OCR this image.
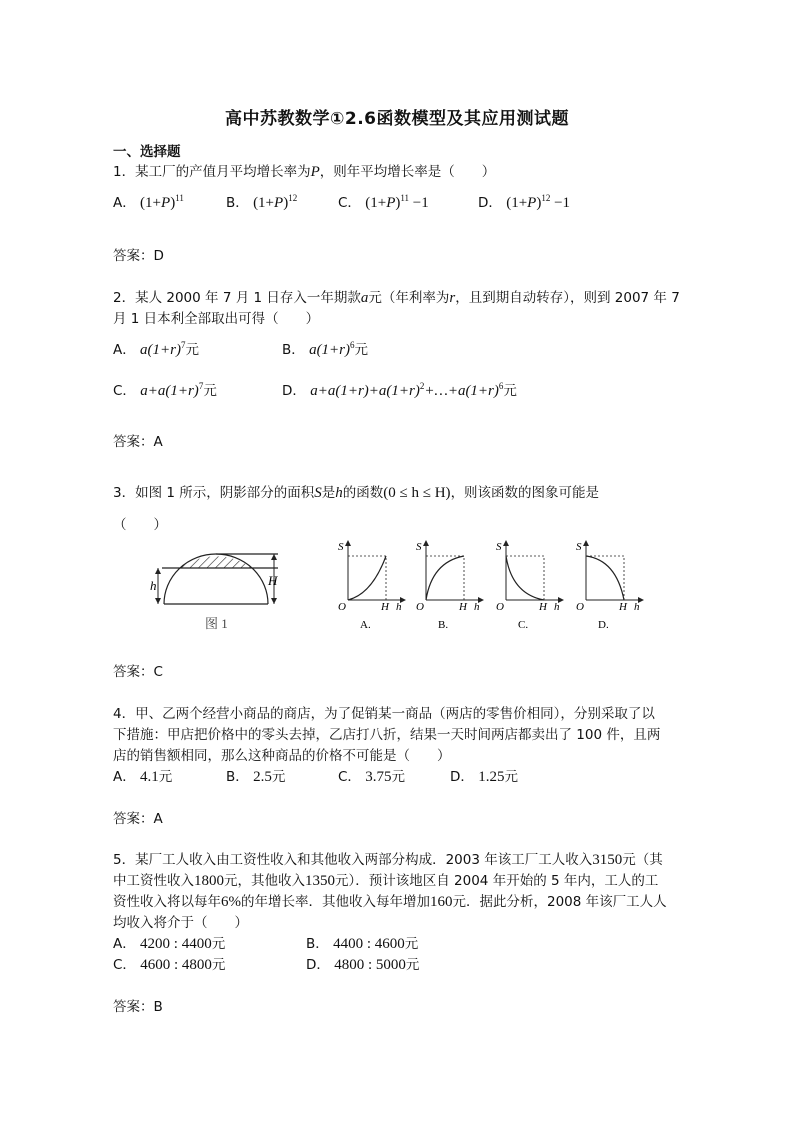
高中苏教数学①2.6函数模型及其应用测试题
一、选择题
1．某工厂的产值月平均增长率为P，则年平均增长率是（　　）
A． $(1+P)^{11}$	B． $(1+P)^{12}$	C． $(1+P)^{11} -1$	D． $(1+P)^{12} -1$
答案：D
2．某人 2000 年 7 月 1 日存入一年期款a元（年利率为r，且到期自动转存），则到 2007 年 7
月 1 日本利全部取出可得（　　）
A． $a(1+r)^7$元	B． $a(1+r)^6$元
C． $a+a(1+r)^7$元	D． $a+a(1+r)+a(1+r)^2+\dots+a(1+r)^6$元
答案：A
3．如图 1 所示，阴影部分的面积S是h的函数(0 ≤ h ≤ H)，则该函数的图象可能是
（　　）
H
h
图 1
S
O	H h
A.
S
O	H h
B.
S
O	H h
C.
S
O	H h
D.
答案：C
4．甲、乙两个经营小商品的商店，为了促销某一商品（两店的零售价相同），分别采取了以
下措施：甲店把价格中的零头去掉，乙店打八折，结果一天时间两店都卖出了 100 件，且两
店的销售额相同，那么这种商品的价格不可能是（　　）
A． 4.1元	B． 2.5元	C． 3.75元	D． 1.25元
答案：A
5．某厂工人收入由工资性收入和其他收入两部分构成．2003 年该工厂工人收入3150元（其
中工资性收入1800元，其他收入1350元）．预计该地区自 2004 年开始的 5 年内，工人的工
资性收入将以每年6%的年增长率．其他收入每年增加160元．据此分析，2008 年该厂工人人
均收入将介于（　　）
A． 4200 : 4400元	B． 4400 : 4600元
C． 4600 : 4800元	D． 4800 : 5000元
答案：B
